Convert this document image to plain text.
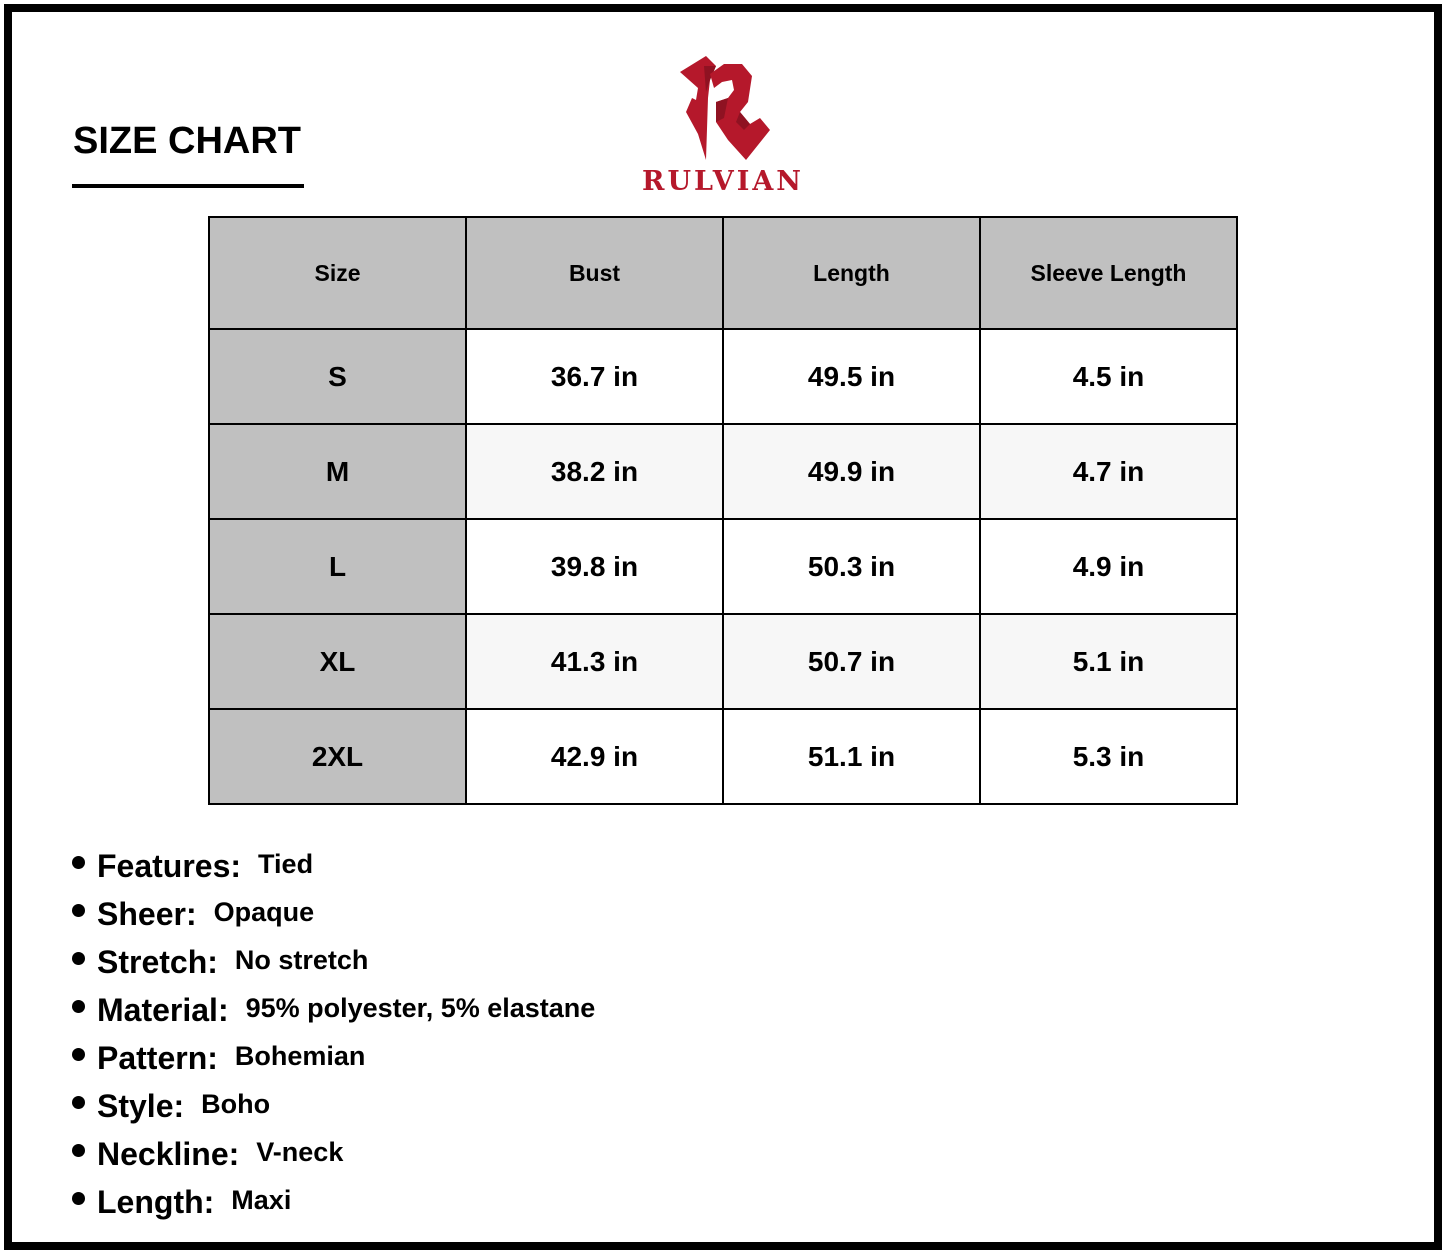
SIZE CHART
RULVIAN
Size	Bust	Length	Sleeve Length
S	36.7 in	49.5 in	4.5 in
M	38.2 in	49.9 in	4.7 in
L	39.8 in	50.3 in	4.9 in
XL	41.3 in	50.7 in	5.1 in
2XL	42.9 in	51.1 in	5.3 in
Features: Tied
Sheer: Opaque
Stretch: No stretch
Material: 95% polyester, 5% elastane
Pattern: Bohemian
Style: Boho
Neckline: V-neck
Length: Maxi
